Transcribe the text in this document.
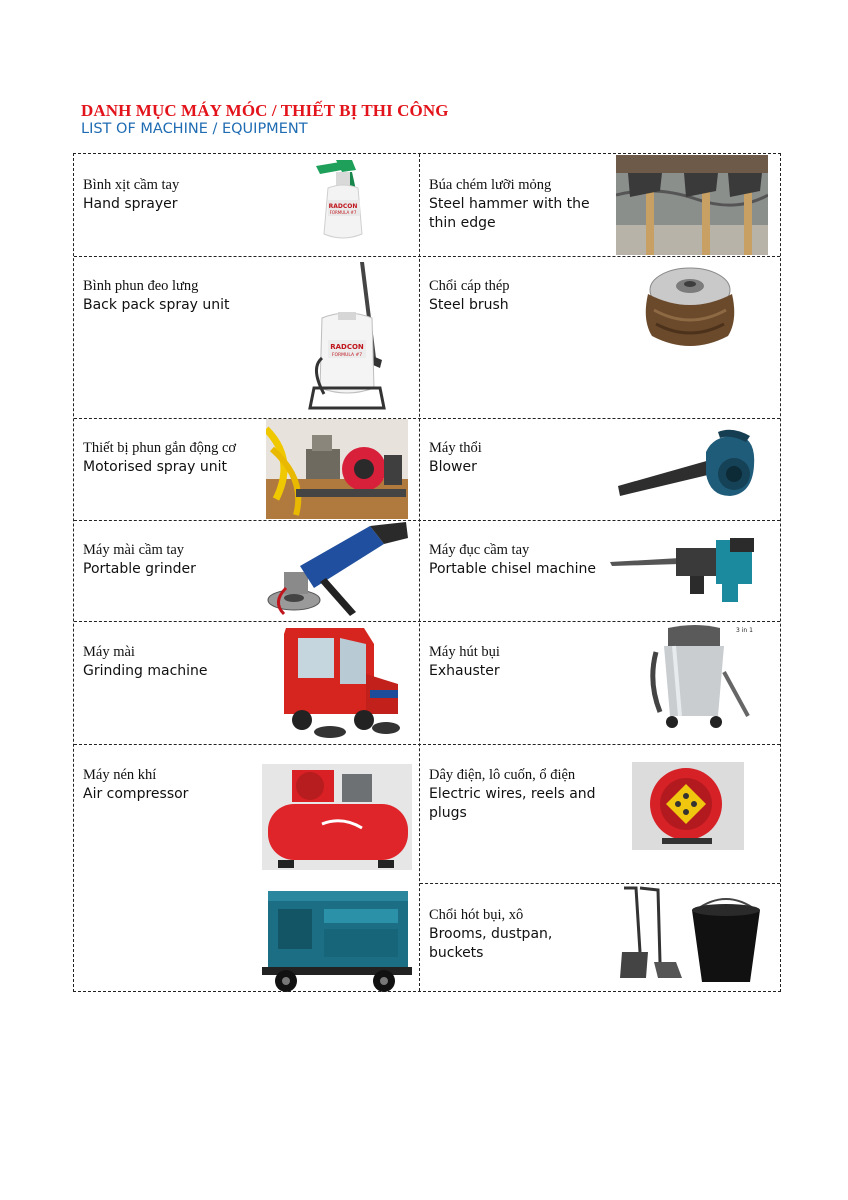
DANH MỤC MÁY MÓC / THIẾT BỊ THI CÔNG
LIST OF MACHINE / EQUIPMENT
Bình xịt cầm tay
Hand sprayer	RADCON
FORMULA #7
Búa chém lưỡi mỏng
Steel hammer with the thin edge
Bình phun đeo lưng
Back pack spray unit
RADCON
FORMULA #7
Chổi cáp thép
Steel brush
Thiết bị phun gắn động cơ
Motorised spray unit
Máy thổi
Blower
Máy mài cầm tay
Portable grinder
Máy đục cầm tay
Portable chisel machine
Máy mài
Grinding machine
Máy hút bụi
Exhauster
3 in 1
Máy nén khí
Air compressor
Dây điện, lô cuốn, ổ điện
Electric wires, reels and plugs
Chổi hót bụi, xô
Brooms, dustpan, buckets
